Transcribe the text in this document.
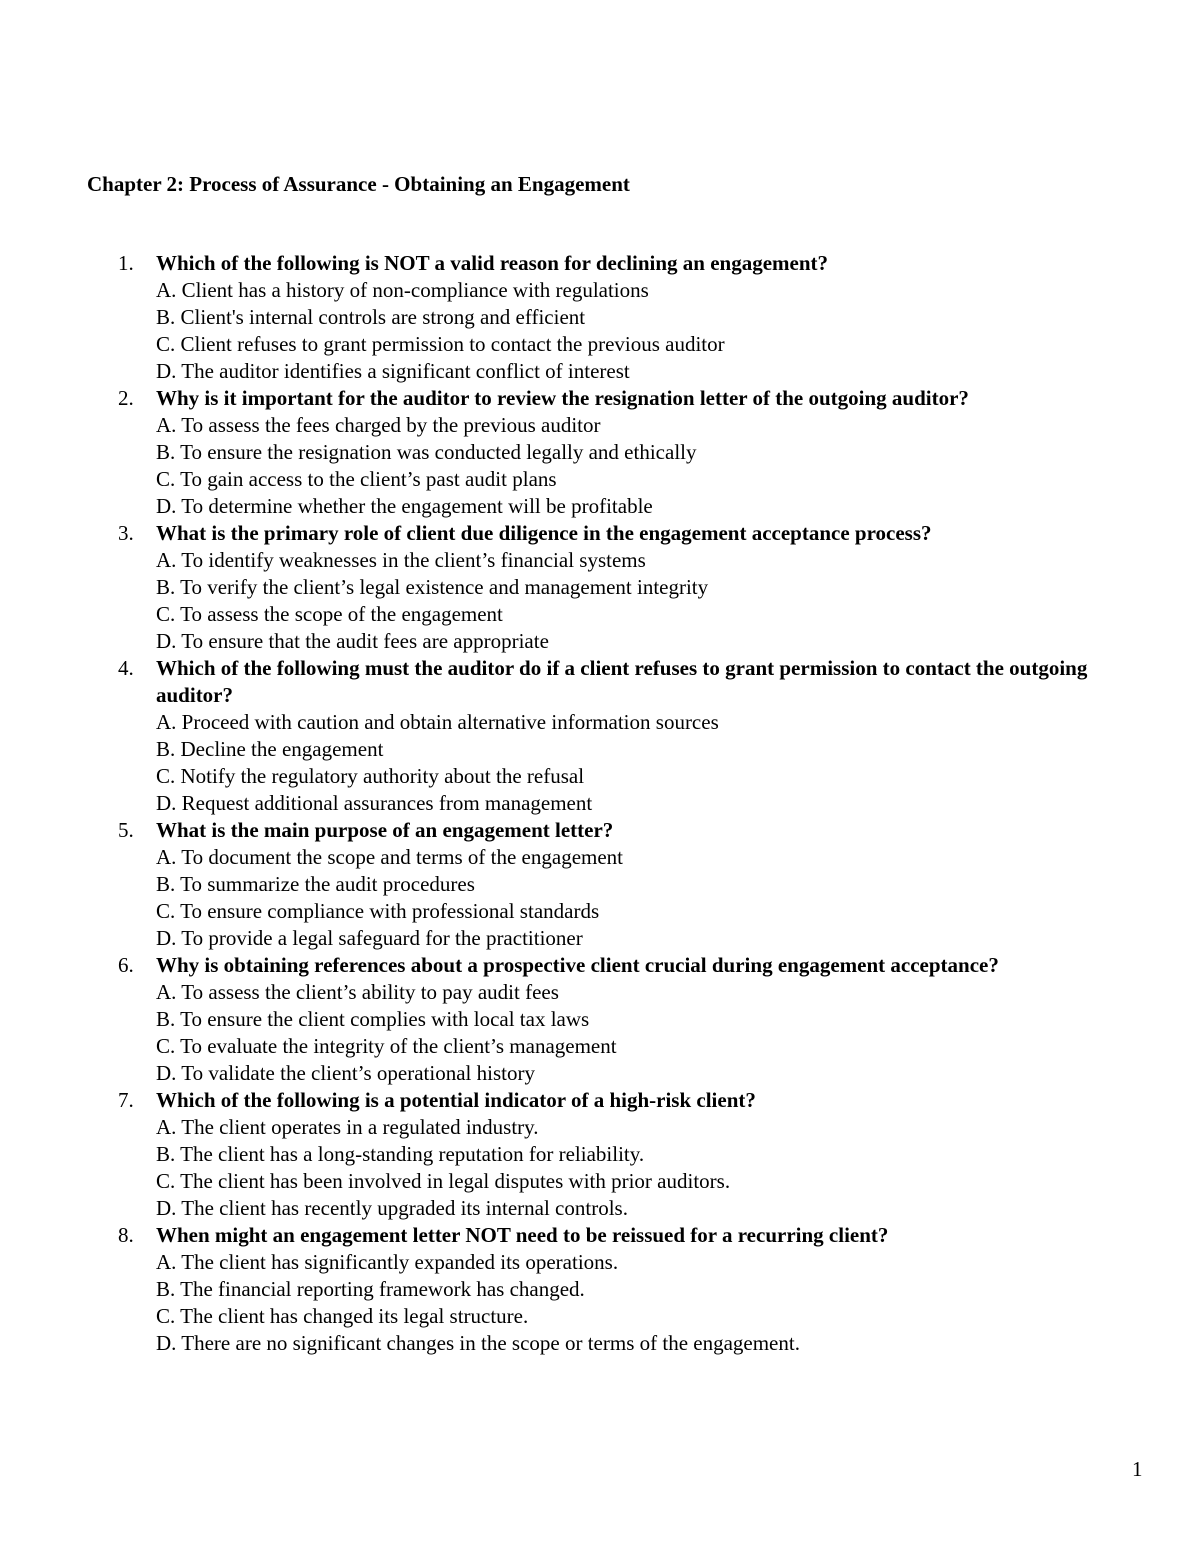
Chapter 2: Process of Assurance - Obtaining an Engagement
1. Which of the following is NOT a valid reason for declining an engagement?
A. Client has a history of non-compliance with regulations
B. Client's internal controls are strong and efficient
C. Client refuses to grant permission to contact the previous auditor
D. The auditor identifies a significant conflict of interest
2. Why is it important for the auditor to review the resignation letter of the outgoing auditor?
A. To assess the fees charged by the previous auditor
B. To ensure the resignation was conducted legally and ethically
C. To gain access to the client’s past audit plans
D. To determine whether the engagement will be profitable
3. What is the primary role of client due diligence in the engagement acceptance process?
A. To identify weaknesses in the client’s financial systems
B. To verify the client’s legal existence and management integrity
C. To assess the scope of the engagement
D. To ensure that the audit fees are appropriate
4. Which of the following must the auditor do if a client refuses to grant permission to contact the outgoing auditor?
A. Proceed with caution and obtain alternative information sources
B. Decline the engagement
C. Notify the regulatory authority about the refusal
D. Request additional assurances from management
5. What is the main purpose of an engagement letter?
A. To document the scope and terms of the engagement
B. To summarize the audit procedures
C. To ensure compliance with professional standards
D. To provide a legal safeguard for the practitioner
6. Why is obtaining references about a prospective client crucial during engagement acceptance?
A. To assess the client’s ability to pay audit fees
B. To ensure the client complies with local tax laws
C. To evaluate the integrity of the client’s management
D. To validate the client’s operational history
7. Which of the following is a potential indicator of a high-risk client?
A. The client operates in a regulated industry.
B. The client has a long-standing reputation for reliability.
C. The client has been involved in legal disputes with prior auditors.
D. The client has recently upgraded its internal controls.
8. When might an engagement letter NOT need to be reissued for a recurring client?
A. The client has significantly expanded its operations.
B. The financial reporting framework has changed.
C. The client has changed its legal structure.
D. There are no significant changes in the scope or terms of the engagement.
1
